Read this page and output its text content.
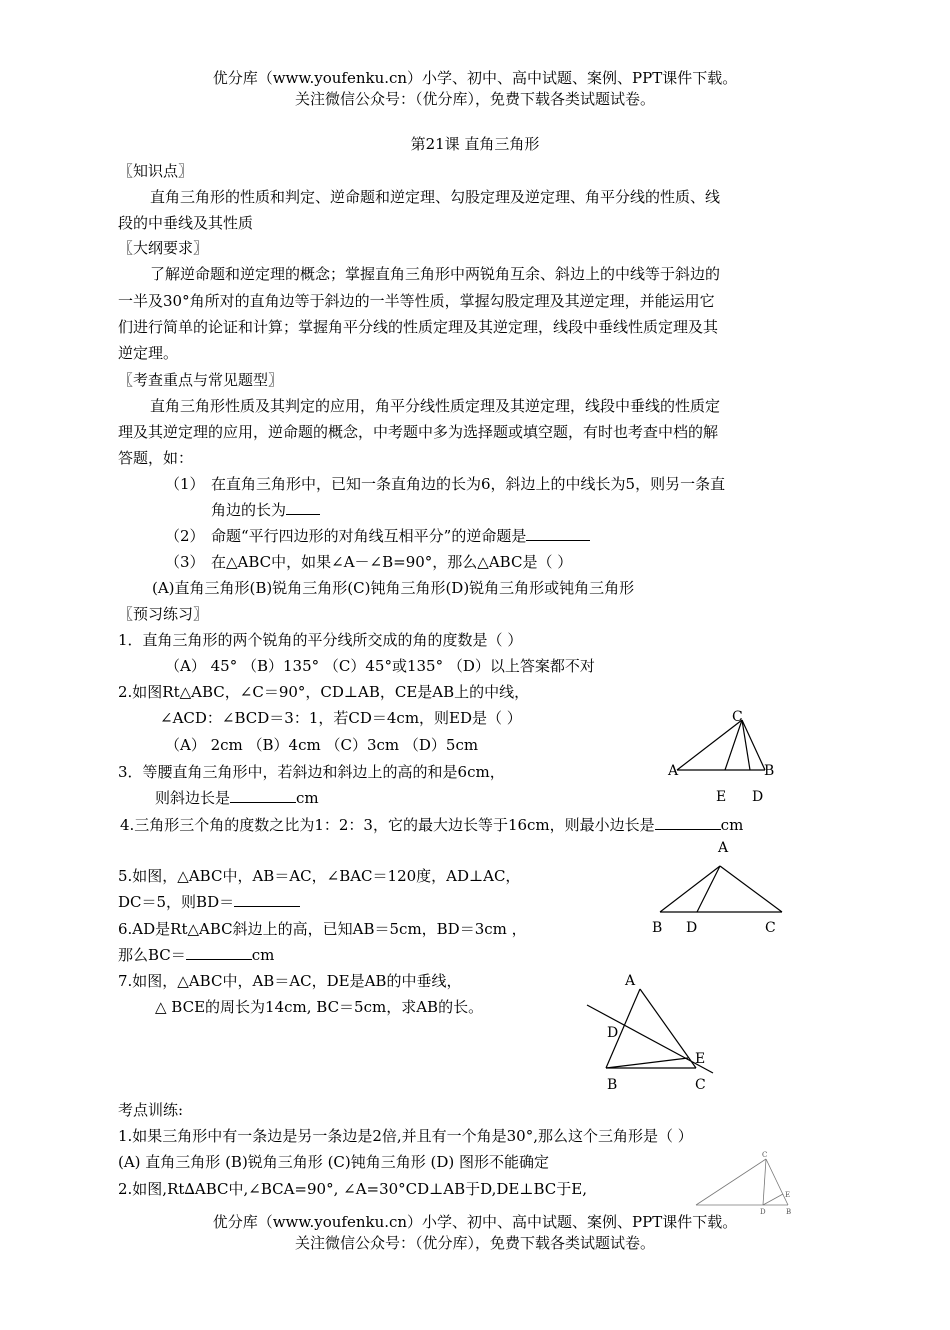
优分库（www.youfenku.cn）小学、初中、高中试题、案例、PPT课件下载。
关注微信公众号：（优分库），免费下载各类试题试卷。
第21课 直角三角形
〖知识点〗
直角三角形的性质和判定、逆命题和逆定理、勾股定理及逆定理、角平分线的性质、线
段的中垂线及其性质
〖大纲要求〗
了解逆命题和逆定理的概念；掌握直角三角形中两锐角互余、斜边上的中线等于斜边的
一半及30°角所对的直角边等于斜边的一半等性质，掌握勾股定理及其逆定理，并能运用它
们进行简单的论证和计算；掌握角平分线的性质定理及其逆定理，线段中垂线性质定理及其
逆定理。
〖考查重点与常见题型〗
直角三角形性质及其判定的应用，角平分线性质定理及其逆定理，线段中垂线的性质定
理及其逆定理的应用，逆命题的概念，中考题中多为选择题或填空题，有时也考查中档的解
答题，如：
（1） 在直角三角形中，已知一条直角边的长为6，斜边上的中线长为5，则另一条直
角边的长为
（2） 命题“平行四边形的对角线互相平分”的逆命题是
（3） 在△ABC中，如果∠A－∠B=90°，那么△ABC是（ ）
(A)直角三角形(B)锐角三角形(C)钝角三角形(D)锐角三角形或钝角三角形
〖预习练习〗
1．直角三角形的两个锐角的平分线所交成的角的度数是（ ）
（A） 45° （B）135° （C）45°或135° （D）以上答案都不对
2.如图Rt△ABC，∠C＝90°，CD⊥AB，CE是AB上的中线，
∠ACD：∠BCD＝3：1，若CD＝4cm，则ED是（ ）
（A） 2cm （B）4cm （C）3cm （D）5cm
3．等腰直角三角形中，若斜边和斜边上的高的和是6cm，
则斜边长是	cm
4.三角形三个角的度数之比为1：2：3，它的最大边长等于16cm，则最小边长是	cm
5.如图，△ABC中，AB＝AC，∠BAC＝120度，AD⊥AC，
DC＝5，则BD＝
6.AD是Rt△ABC斜边上的高，已知AB＝5cm，BD＝3cm ，
那么BC＝	cm
7.如图，△ABC中，AB＝AC，DE是AB的中垂线，
△ BCE的周长为14cm, BC＝5cm，求AB的长。
考点训练:
1.如果三角形中有一条边是另一条边是2倍,并且有一个角是30°,那么这个三角形是（ ）
(A) 直角三角形 (B)锐角三角形 (C)钝角三角形 (D) 图形不能确定
2.如图,Rt∆ABC中,∠BCA=90°, ∠A=30°CD⊥AB于D,DE⊥BC于E,
优分库（www.youfenku.cn）小学、初中、高中试题、案例、PPT课件下载。
关注微信公众号：（优分库），免费下载各类试题试卷。
C
A	B
E D
A
B D	C
A
D
E
B	C
C
E
D	B
